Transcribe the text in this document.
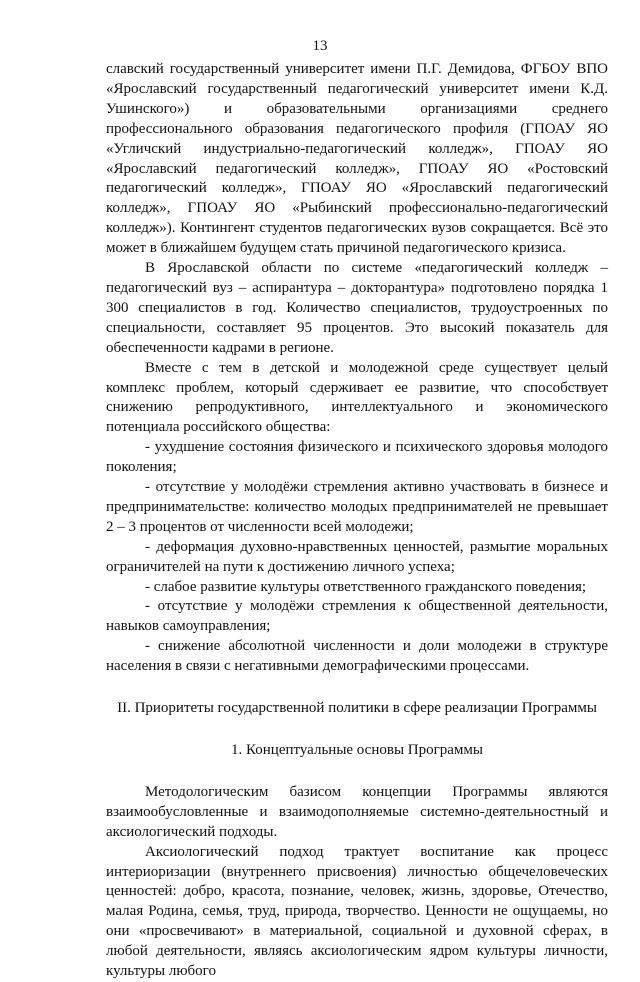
13

славский государственный университет имени П.Г. Демидова, ФГБОУ ВПО «Ярославский государственный педагогический университет имени К.Д. Ушинского») и образовательными организациями среднего профессионального образования педагогического профиля (ГПОАУ ЯО «Угличский индустриально-педагогический колледж», ГПОАУ ЯО «Ярославский педагогический колледж», ГПОАУ ЯО «Ростовский педагогический колледж», ГПОАУ ЯО «Ярославский педагогический колледж», ГПОАУ ЯО «Рыбинский профессионально-педагогический колледж»). Контингент студентов педагогических вузов сокращается. Всё это может в ближайшем будущем стать причиной педагогического кризиса.

В Ярославской области по системе «педагогический колледж – педагогический вуз – аспирантура – докторантура» подготовлено порядка 1 300 специалистов в год. Количество специалистов, трудоустроенных по специальности, составляет 95 процентов. Это высокий показатель для обеспеченности кадрами в регионе.

Вместе с тем в детской и молодежной среде существует целый комплекс проблем, который сдерживает ее развитие, что способствует снижению репродуктивного, интеллектуального и экономического потенциала российского общества:

- ухудшение состояния физического и психического здоровья молодого поколения;

- отсутствие у молодёжи стремления активно участвовать в бизнесе и предпринимательстве: количество молодых предпринимателей не превышает 2 – 3 процентов от численности всей молодежи;

- деформация духовно-нравственных ценностей, размытие моральных ограничителей на пути к достижению личного успеха;

- слабое развитие культуры ответственного гражданского поведения;

- отсутствие у молодёжи стремления к общественной деятельности, навыков самоуправления;

- снижение абсолютной численности и доли молодежи в структуре населения в связи с негативными демографическими процессами.

II. Приоритеты государственной политики в сфере реализации Программы

1. Концептуальные основы Программы

Методологическим базисом концепции Программы являются взаимообусловленные и взаимодополняемые системно-деятельностный и аксиологический подходы.

Аксиологический подход трактует воспитание как процесс интериоризации (внутреннего присвоения) личностью общечеловеческих ценностей: добро, красота, познание, человек, жизнь, здоровье, Отечество, малая Родина, семья, труд, природа, творчество. Ценности не ощущаемы, но они «просвечивают» в материальной, социальной и духовной сферах, в любой деятельности, являясь аксиологическим ядром культуры личности, культуры любого
